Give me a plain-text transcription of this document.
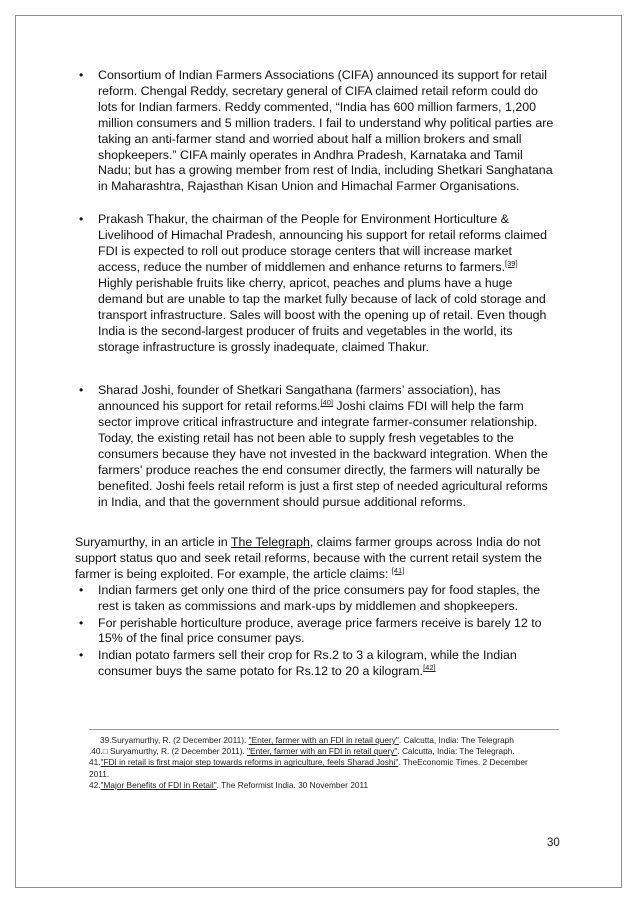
• Consortium of Indian Farmers Associations (CIFA) announced its support for retail reform. Chengal Reddy, secretary general of CIFA claimed retail reform could do lots for Indian farmers. Reddy commented, “India has 600 million farmers, 1,200 million consumers and 5 million traders. I fail to understand why political parties are taking an anti-farmer stand and worried about half a million brokers and small shopkeepers.” CIFA mainly operates in Andhra Pradesh, Karnataka and Tamil Nadu; but has a growing member from rest of India, including Shetkari Sanghatana in Maharashtra, Rajasthan Kisan Union and Himachal Farmer Organisations.
• Prakash Thakur, the chairman of the People for Environment Horticulture & Livelihood of Himachal Pradesh, announcing his support for retail reforms claimed FDI is expected to roll out produce storage centers that will increase market access, reduce the number of middlemen and enhance returns to farmers.[39] Highly perishable fruits like cherry, apricot, peaches and plums have a huge demand but are unable to tap the market fully because of lack of cold storage and transport infrastructure. Sales will boost with the opening up of retail. Even though India is the second-largest producer of fruits and vegetables in the world, its storage infrastructure is grossly inadequate, claimed Thakur.
• Sharad Joshi, founder of Shetkari Sangathana (farmers’ association), has announced his support for retail reforms.[40] Joshi claims FDI will help the farm sector improve critical infrastructure and integrate farmer-consumer relationship. Today, the existing retail has not been able to supply fresh vegetables to the consumers because they have not invested in the backward integration. When the farmers' produce reaches the end consumer directly, the farmers will naturally be benefited. Joshi feels retail reform is just a first step of needed agricultural reforms in India, and that the government should pursue additional reforms.

Suryamurthy, in an article in The Telegraph, claims farmer groups across India do not support status quo and seek retail reforms, because with the current retail system the farmer is being exploited. For example, the article claims: [41]

• Indian farmers get only one third of the price consumers pay for food staples, the rest is taken as commissions and mark-ups by middlemen and shopkeepers.
• For perishable horticulture produce, average price farmers receive is barely 12 to 15% of the final price consumer pays.
• Indian potato farmers sell their crop for Rs.2 to 3 a kilogram, while the Indian consumer buys the same potato for Rs.12 to 20 a kilogram.[42]

39.Suryamurthy, R. (2 December 2011). "Enter, farmer with an FDI in retail query". Calcutta, India: The Telegraph

.40.□ Suryamurthy, R. (2 December 2011). "Enter, farmer with an FDI in retail query". Calcutta, India: The Telegraph.

41."FDI in retail is first major step towards reforms in agriculture, feels Sharad Joshi". TheEconomic Times. 2 December 2011.

42."Major Benefits of FDI in Retail". The Reformist India. 30 November 2011

30
